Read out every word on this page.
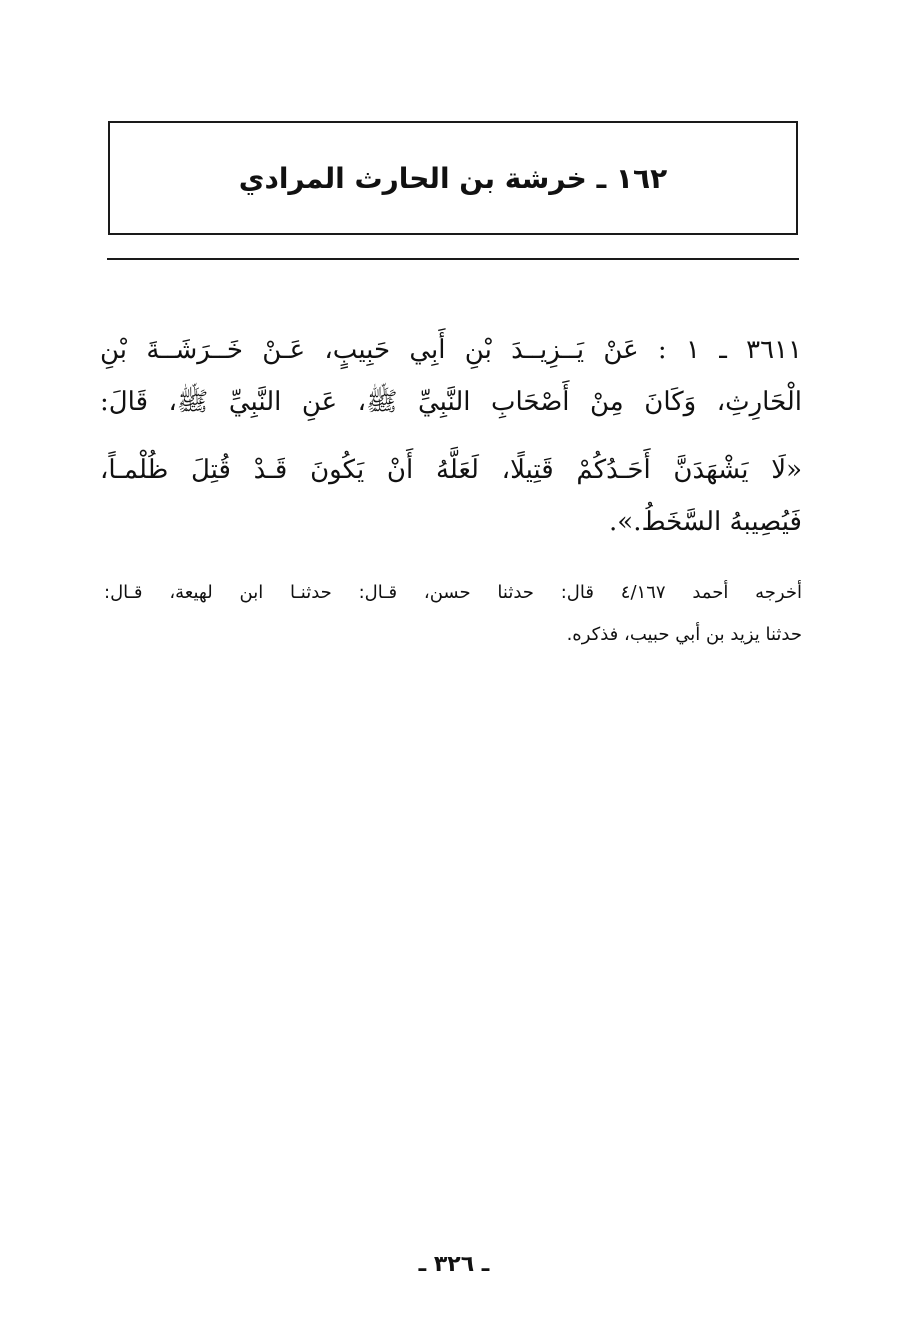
١٦٢ ـ خرشة بن الحارث المرادي
٣٦١١ ـ ١ : عَنْ يَــزِيــدَ بْنِ أَبِي حَبِيبٍ، عَـنْ خَــرَشَــةَ بْنِ
الْحَارِثِ، وَكَانَ مِنْ أَصْحَابِ النَّبِيِّ ﷺ، عَنِ النَّبِيِّ ﷺ، قَالَ:
«لَا يَشْهَدَنَّ أَحَـدُكُمْ قَتِيلًا، لَعَلَّهُ أَنْ يَكُونَ قَـدْ قُتِلَ ظُلْمـاً،
فَيُصِيبهُ السَّخَطُ.».
أخرجه أحمد ٤/١٦٧ قال: حدثنا حسن، قـال: حدثنـا ابن لهيعة، قـال:
حدثنا يزيد بن أبي حبيب، فذكره.
ـ ٣٢٦ ـ
